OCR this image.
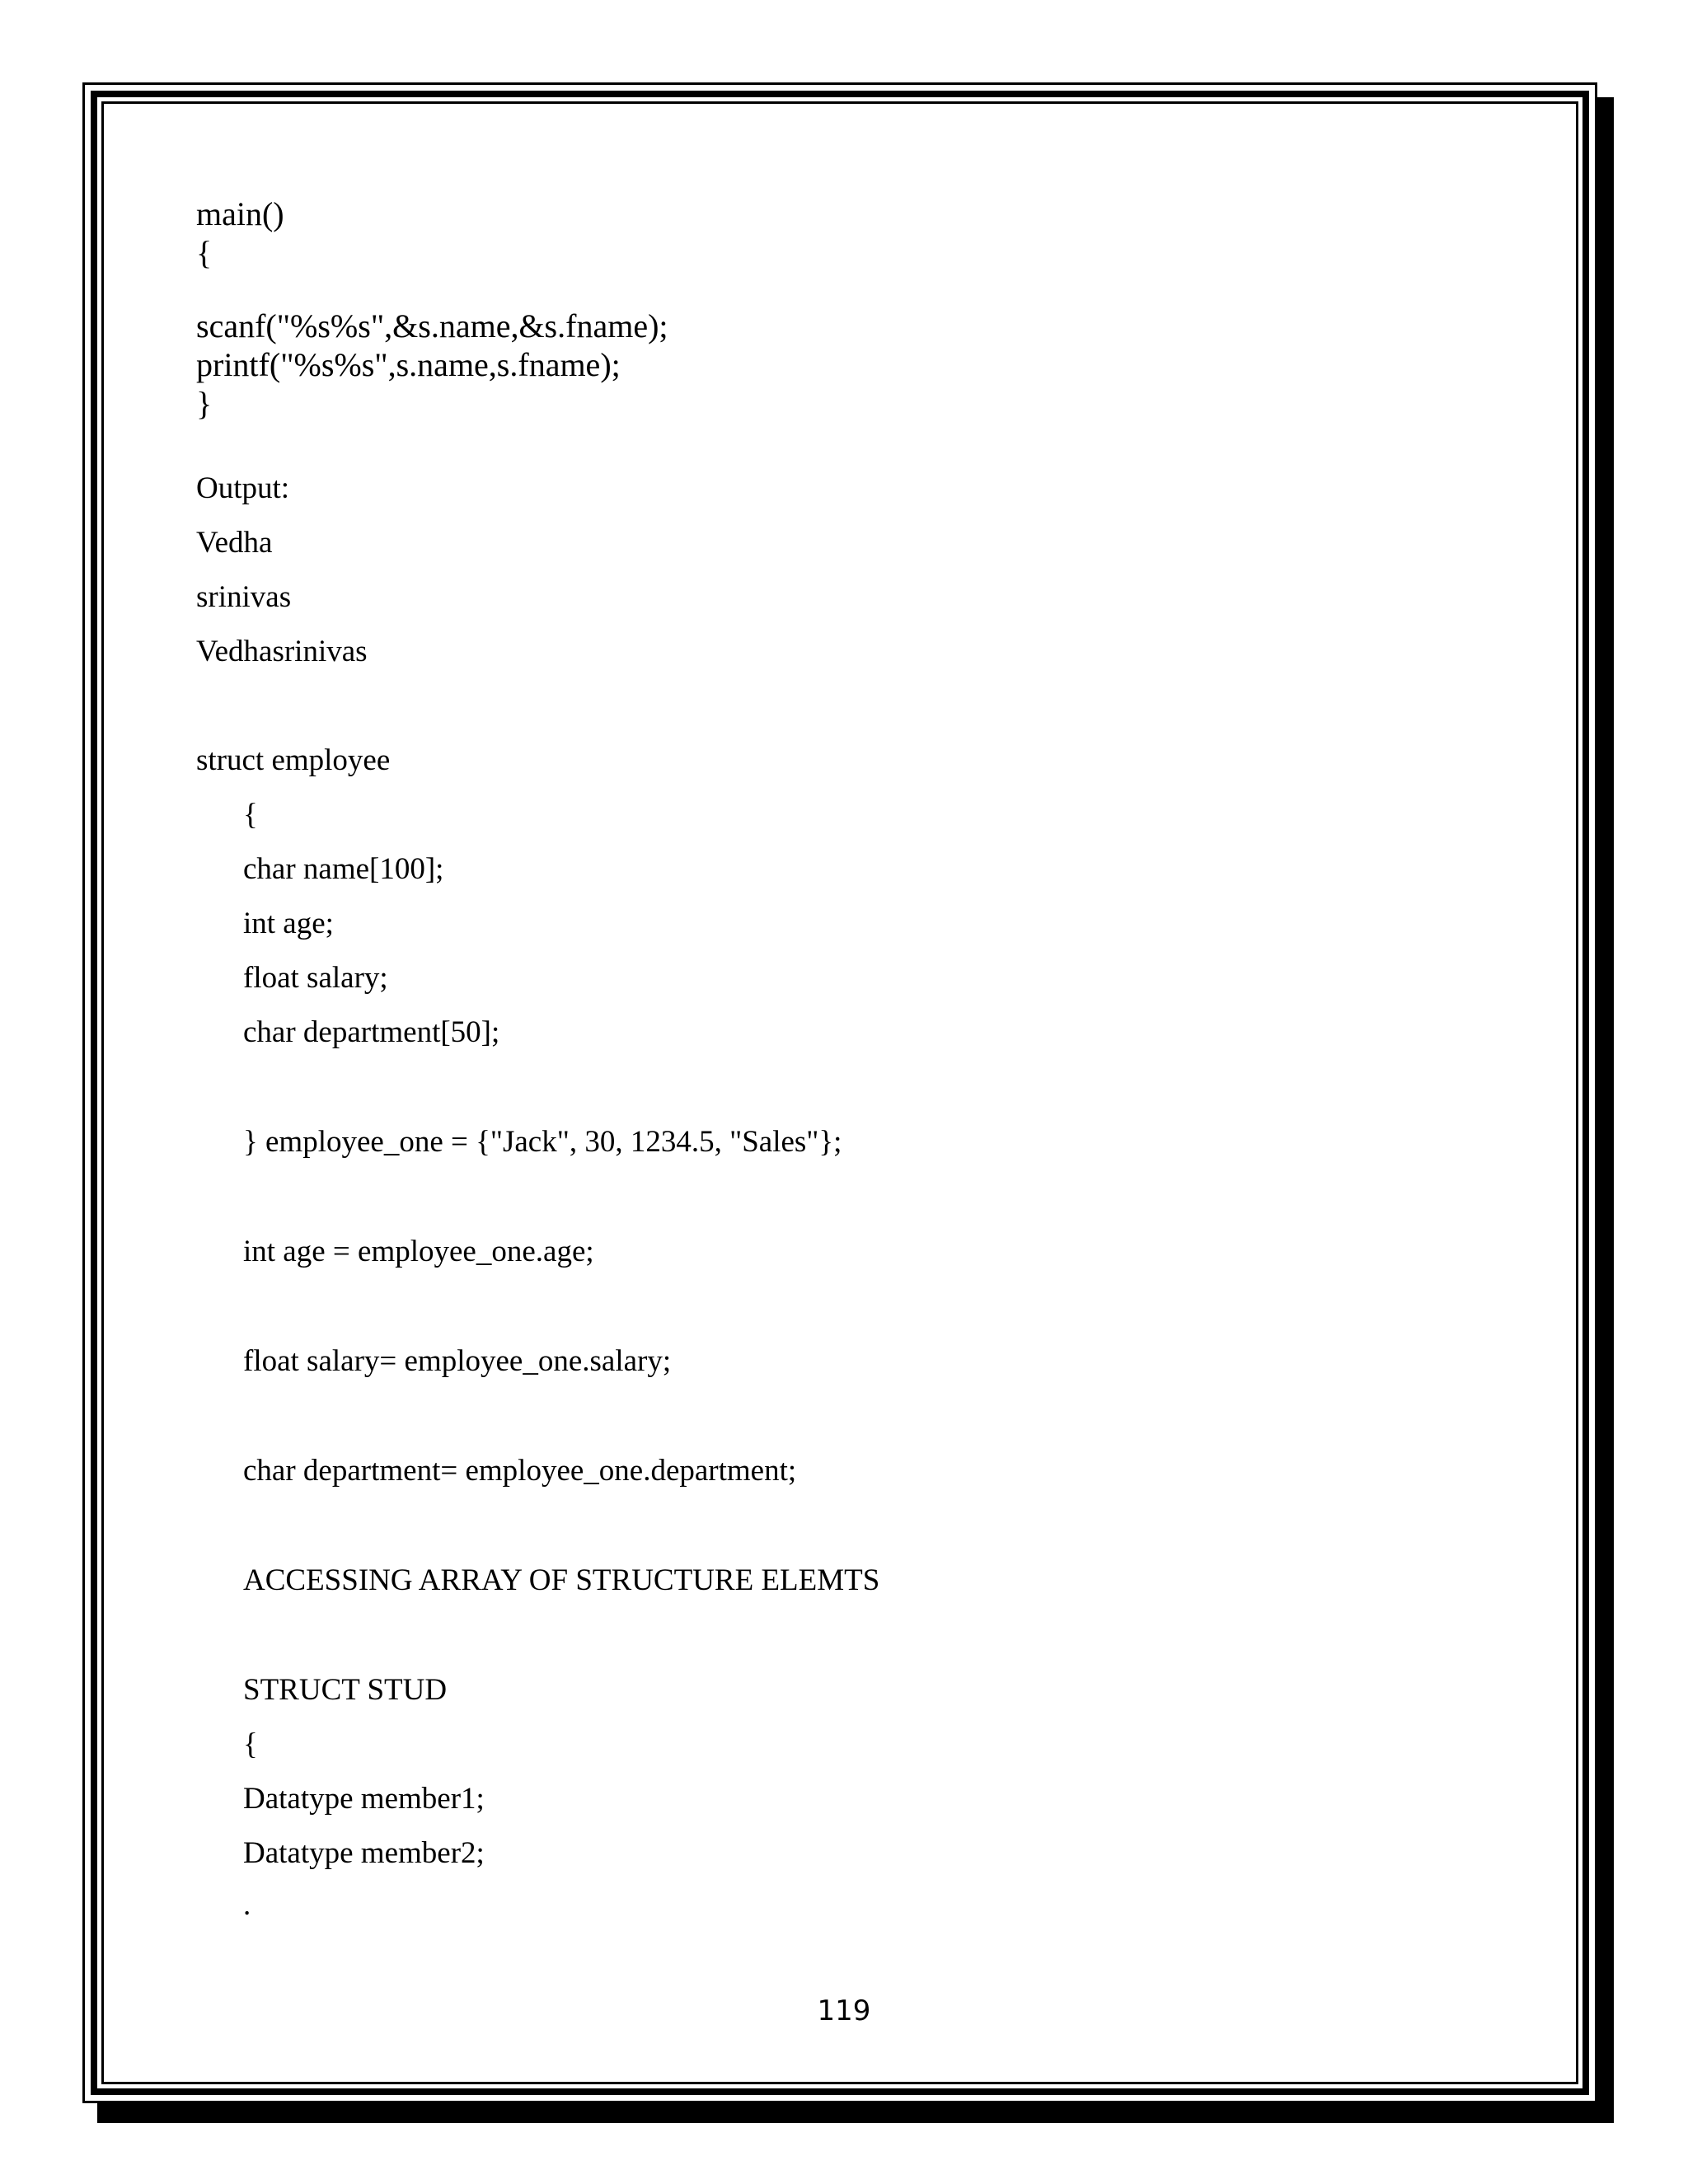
main()
{
scanf("%s%s",&s.name,&s.fname);
printf("%s%s",s.name,s.fname);
}
Output:
Vedha
srinivas
Vedhasrinivas
struct employee
{
char name[100];
int age;
float salary;
char department[50];
} employee_one = {"Jack", 30, 1234.5, "Sales"};
int age = employee_one.age;
float salary= employee_one.salary;
char department= employee_one.department;
ACCESSING ARRAY OF STRUCTURE ELEMTS
STRUCT STUD
{
Datatype member1;
Datatype member2;
.
119
